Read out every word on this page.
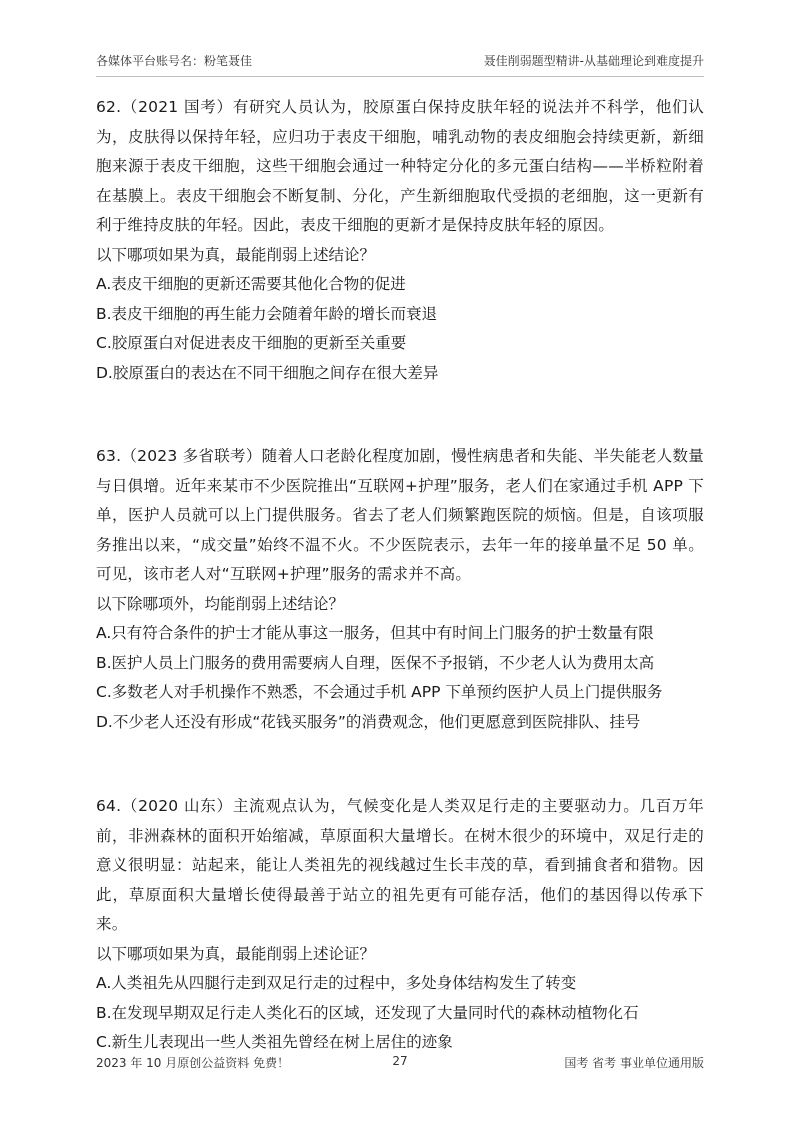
各媒体平台账号名：粉笔聂佳	聂佳削弱题型精讲-从基础理论到难度提升

62.（2021 国考）有研究人员认为，胶原蛋白保持皮肤年轻的说法并不科学，他们认为，皮肤得以保持年轻，应归功于表皮干细胞，哺乳动物的表皮细胞会持续更新，新细胞来源于表皮干细胞，这些干细胞会通过一种特定分化的多元蛋白结构——半桥粒附着在基膜上。表皮干细胞会不断复制、分化，产生新细胞取代受损的老细胞，这一更新有利于维持皮肤的年轻。因此，表皮干细胞的更新才是保持皮肤年轻的原因。

以下哪项如果为真，最能削弱上述结论？

A.表皮干细胞的更新还需要其他化合物的促进
B.表皮干细胞的再生能力会随着年龄的增长而衰退
C.胶原蛋白对促进表皮干细胞的更新至关重要
D.胶原蛋白的表达在不同干细胞之间存在很大差异

63.（2023 多省联考）随着人口老龄化程度加剧，慢性病患者和失能、半失能老人数量与日俱增。近年来某市不少医院推出“互联网+护理”服务，老人们在家通过手机 APP 下单，医护人员就可以上门提供服务。省去了老人们频繁跑医院的烦恼。但是，自该项服务推出以来，“成交量”始终不温不火。不少医院表示，去年一年的接单量不足 50 单。可见，该市老人对“互联网+护理”服务的需求并不高。

以下除哪项外，均能削弱上述结论？

A.只有符合条件的护士才能从事这一服务，但其中有时间上门服务的护士数量有限
B.医护人员上门服务的费用需要病人自理，医保不予报销，不少老人认为费用太高
C.多数老人对手机操作不熟悉，不会通过手机 APP 下单预约医护人员上门提供服务
D.不少老人还没有形成“花钱买服务”的消费观念，他们更愿意到医院排队、挂号

64.（2020 山东）主流观点认为，气候变化是人类双足行走的主要驱动力。几百万年前，非洲森林的面积开始缩减，草原面积大量增长。在树木很少的环境中，双足行走的意义很明显：站起来，能让人类祖先的视线越过生长丰茂的草，看到捕食者和猎物。因此，草原面积大量增长使得最善于站立的祖先更有可能存活，他们的基因得以传承下来。

以下哪项如果为真，最能削弱上述论证？

A.人类祖先从四腿行走到双足行走的过程中，多处身体结构发生了转变
B.在发现早期双足行走人类化石的区域，还发现了大量同时代的森林动植物化石
C.新生儿表现出一些人类祖先曾经在树上居住的迹象
2023 年 10 月原创公益资料 免费！	27	国考 省考 事业单位通用版
